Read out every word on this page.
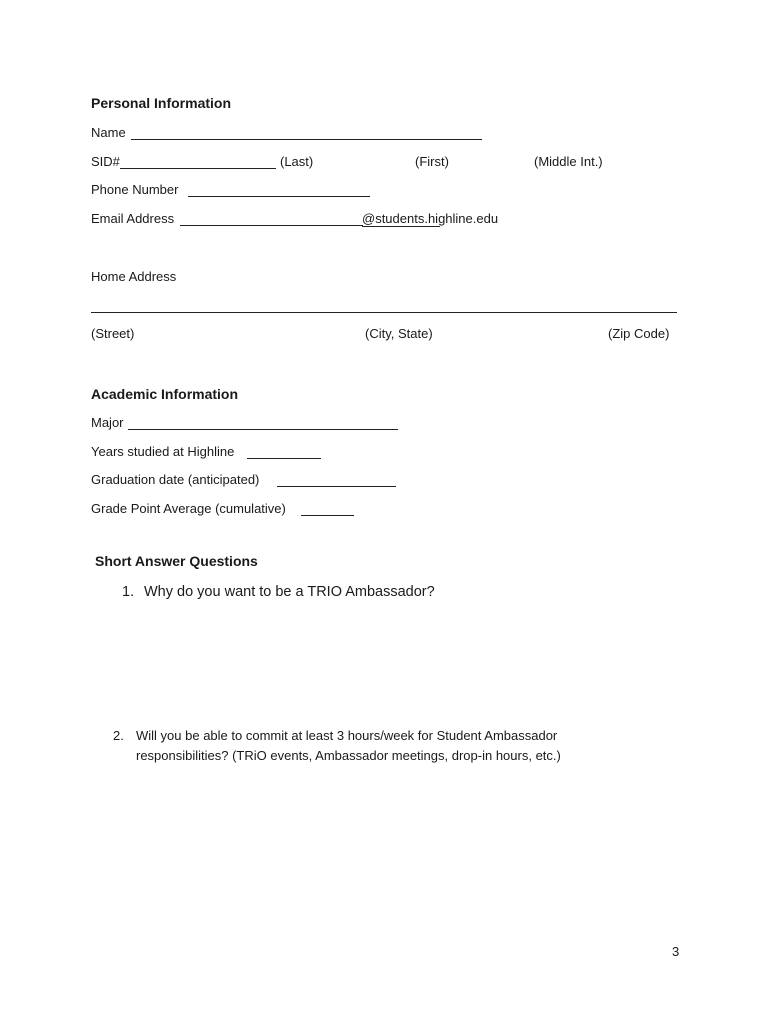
Personal Information
Name
SID#	(Last)	(First)	(Middle Int.)
Phone Number
Email Address	@students.highline.edu
Home Address
(Street)	(City, State)	(Zip Code)
Academic Information
Major
Years studied at Highline
Graduation date (anticipated)
Grade Point Average (cumulative)
Short Answer Questions
1. Why do you want to be a TRIO Ambassador?
2. Will you be able to commit at least 3 hours/week for Student Ambassador
responsibilities? (TRiO events, Ambassador meetings, drop-in hours, etc.)
3
